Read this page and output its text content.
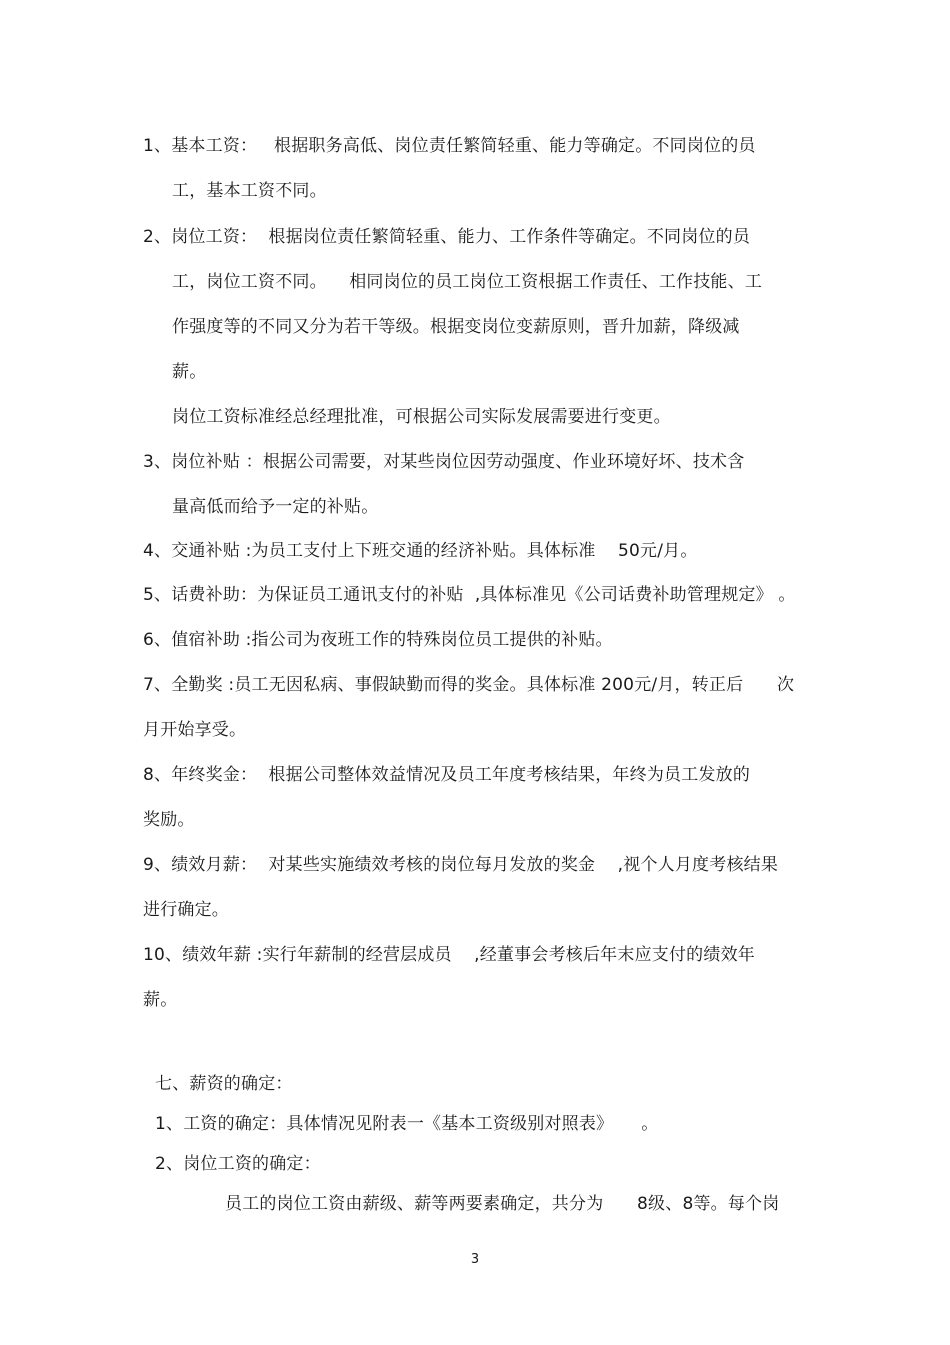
1、基本工资：   根据职务高低、岗位责任繁简轻重、能力等确定。不同岗位的员
工，基本工资不同。
2、岗位工资：  根据岗位责任繁简轻重、能力、工作条件等确定。不同岗位的员
工，岗位工资不同。    相同岗位的员工岗位工资根据工作责任、工作技能、工
作强度等的不同又分为若干等级。根据变岗位变薪原则，晋升加薪，降级减
薪。
岗位工资标准经总经理批准，可根据公司实际发展需要进行变更。
3、岗位补贴 ：根据公司需要，对某些岗位因劳动强度、作业环境好坏、技术含
量高低而给予一定的补贴。
4、交通补贴 :为员工支付上下班交通的经济补贴。具体标准    50元/月。
5、话费补助：为保证员工通讯支付的补贴  ,具体标准见《公司话费补助管理规定》 。
6、值宿补助 :指公司为夜班工作的特殊岗位员工提供的补贴。
7、全勤奖 :员工无因私病、事假缺勤而得的奖金。具体标准 200元/月，转正后      次
月开始享受。
8、年终奖金：  根据公司整体效益情况及员工年度考核结果，年终为员工发放的
奖励。
9、绩效月薪：  对某些实施绩效考核的岗位每月发放的奖金    ,视个人月度考核结果
进行确定。
10、绩效年薪 :实行年薪制的经营层成员    ,经董事会考核后年末应支付的绩效年
薪。
七、薪资的确定：
1、工资的确定：具体情况见附表一《基本工资级别对照表》     。
2、岗位工资的确定：
员工的岗位工资由薪级、薪等两要素确定，共分为      8级、8等。每个岗
3
